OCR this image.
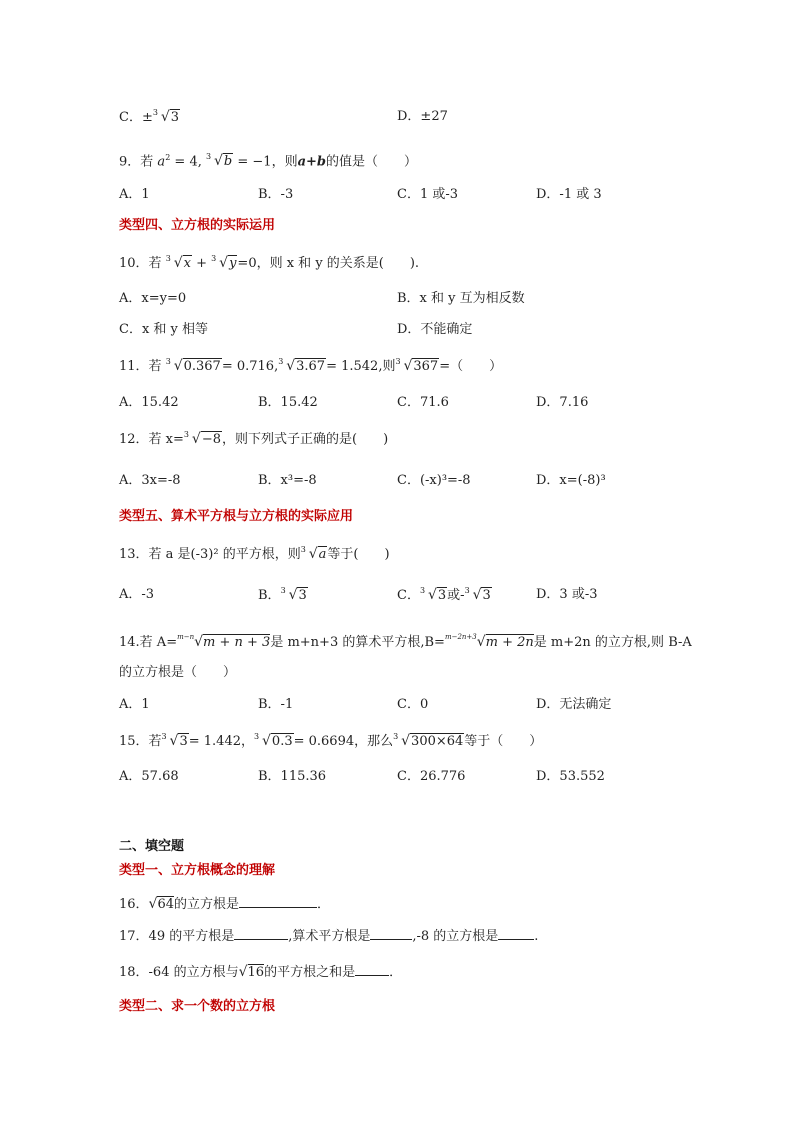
C．± 3 √3	D．±27
9．若 $a^2 = 4$, 3 √b = −1，则a+b的值是（　　）
A．1	B．-3	C．1 或-3	D．-1 或 3
类型四、立方根的实际运用
10．若 3 √x + 3 √y=0，则 x 和 y 的关系是(　　).
A．x=y=0	B．x 和 y 互为相反数
C．x 和 y 相等	D．不能确定
11．若 3 √0.367= 0.716, 3 √3.67= 1.542,则 3 √367=（　　）
A．15.42	B．15.42	C．71.6	D．7.16
12．若 x= 3 √−8，则下列式子正确的是(　　)
A．3x=-8	B．x³=-8	C．(-x)³=-8	D．x=(-8)³
类型五、算术平方根与立方根的实际应用
13．若 a 是(-3)² 的平方根，则 3 √a等于(　　)
A．-3	B． 3 √3	C． 3 √3或- 3 √3	D．3 或-3
14.若 A=$^{m-n}$√m + n + 3是 m+n+3 的算术平方根,B=$^{m-2n+3}$√m + 2n是 m+2n 的立方根,则 B-A
的立方根是（　　）
A．1	B．-1	C．0	D．无法确定
15．若 3 √3= 1.442， 3 √0.3= 0.6694，那么 3 √300×64等于（　　）
A．57.68	B．115.36	C．26.776	D．53.552
二、填空题
类型一、立方根概念的理解
16．√64的立方根是	．
17．49 的平方根是	,算术平方根是	,-8 的立方根是	.
18．-64 的立方根与√16的平方根之和是	．
类型二、求一个数的立方根
